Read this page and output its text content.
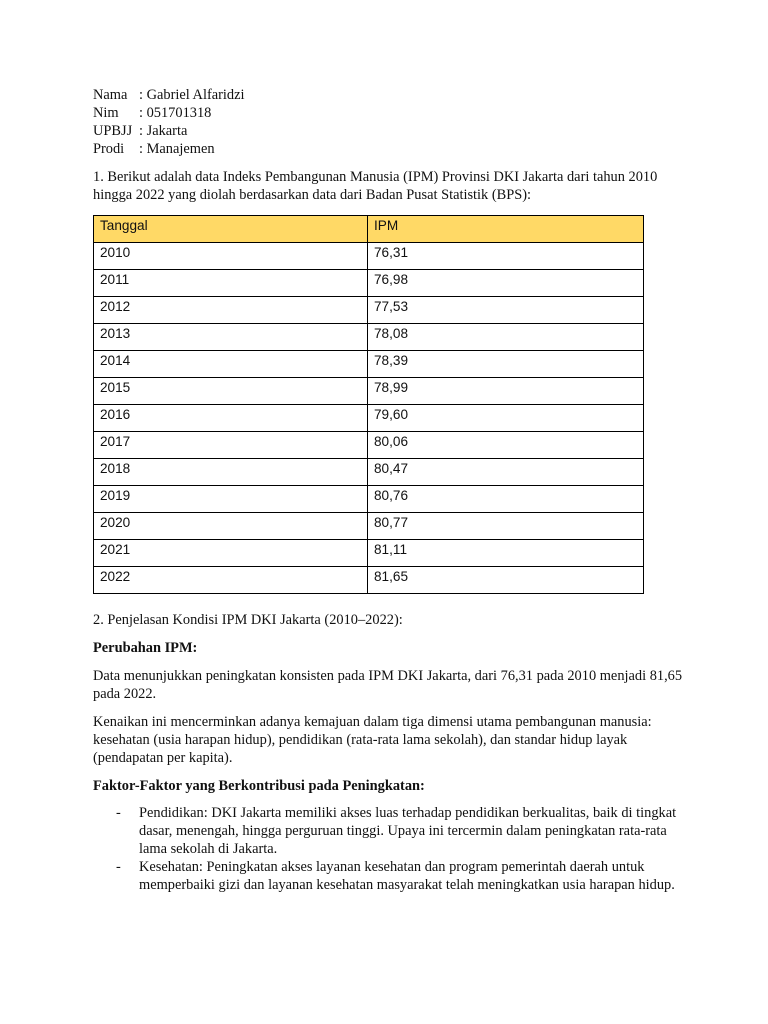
Nama : Gabriel Alfaridzi
Nim	: 051701318
UPBJJ : Jakarta
Prodi	: Manajemen

1. Berikut adalah data Indeks Pembangunan Manusia (IPM) Provinsi DKI Jakarta dari tahun 2010 hingga 2022 yang diolah berdasarkan data dari Badan Pusat Statistik (BPS):

Tanggal	IPM
2010	76,31
2011	76,98
2012	77,53
2013	78,08
2014	78,39
2015	78,99
2016	79,60
2017	80,06
2018	80,47
2019	80,76
2020	80,77
2021	81,11
2022	81,65

2. Penjelasan Kondisi IPM DKI Jakarta (2010–2022):

Perubahan IPM:

Data menunjukkan peningkatan konsisten pada IPM DKI Jakarta, dari 76,31 pada 2010 menjadi 81,65 pada 2022.

Kenaikan ini mencerminkan adanya kemajuan dalam tiga dimensi utama pembangunan manusia: kesehatan (usia harapan hidup), pendidikan (rata-rata lama sekolah), dan standar hidup layak (pendapatan per kapita).

Faktor-Faktor yang Berkontribusi pada Peningkatan:

- Pendidikan: DKI Jakarta memiliki akses luas terhadap pendidikan berkualitas, baik di tingkat dasar, menengah, hingga perguruan tinggi. Upaya ini tercermin dalam peningkatan rata-rata lama sekolah di Jakarta.
- Kesehatan: Peningkatan akses layanan kesehatan dan program pemerintah daerah untuk memperbaiki gizi dan layanan kesehatan masyarakat telah meningkatkan usia harapan hidup.
